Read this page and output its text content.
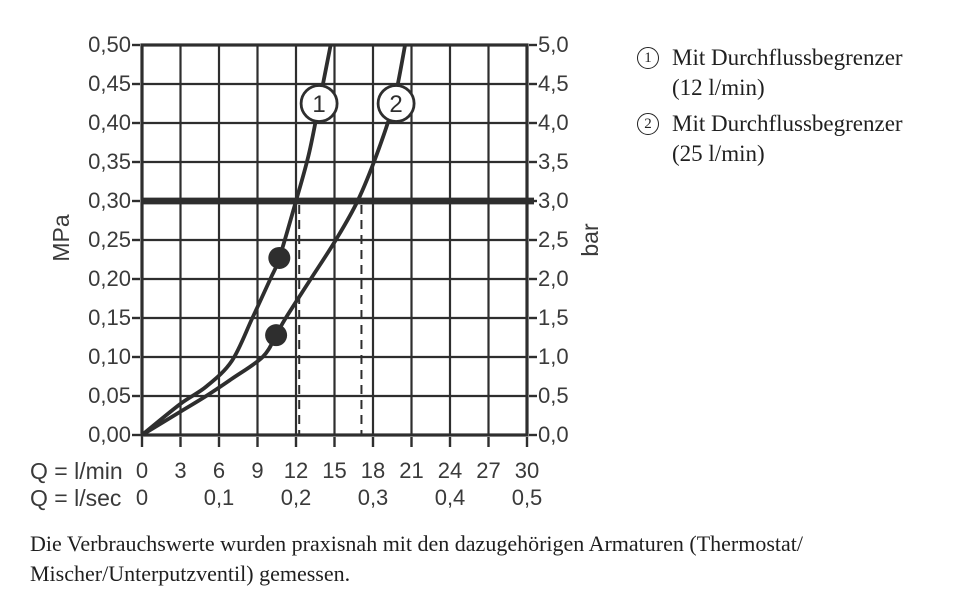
1	2
MPa	bar
Q = l/min
Q = l/sec
0,50
0,45
0,40
0,35
0,30
0,25
0,20
0,15
0,10
0,05
0,00
5,0
4,5
4,0
3,5
3,0
2,5
2,0
1,5
1,0
0,5
0,0
0	3	6	9 12 15 18 21 24 27 30
0	0,1	0,2	0,3	0,4	0,5
1 Mit Durchflussbegrenzer
(12 l/min)
2 Mit Durchflussbegrenzer
(25 l/min)
Die Verbrauchswerte wurden praxisnah mit den dazugehörigen Armaturen (Thermostat/
Mischer/Unterputzventil) gemessen.
